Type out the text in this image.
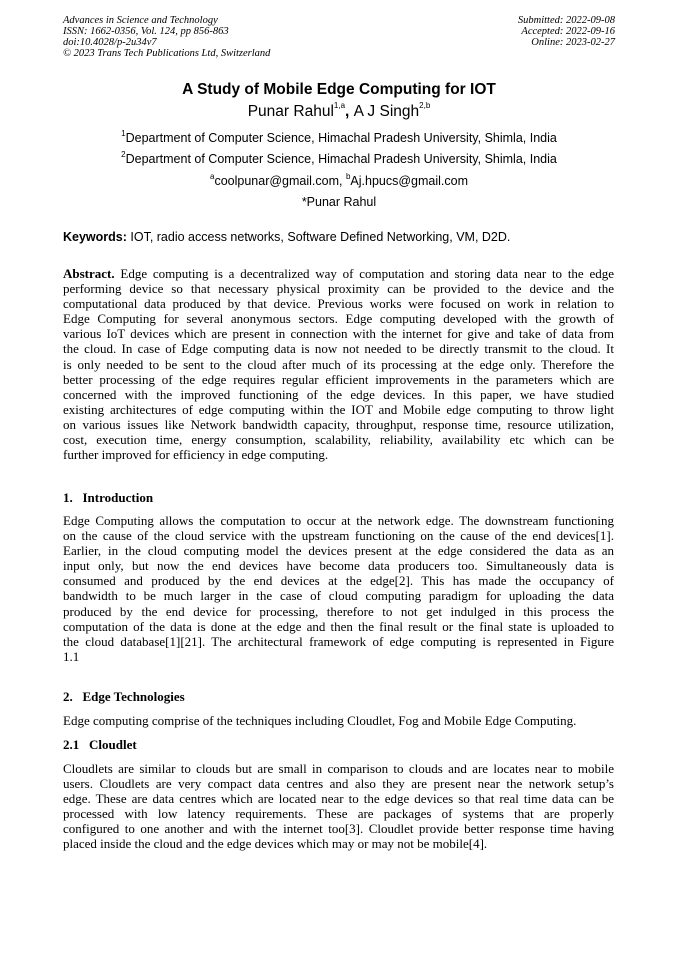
Advances in Science and Technology
ISSN: 1662-0356, Vol. 124, pp 856-863
doi:10.4028/p-2u34v7
© 2023 Trans Tech Publications Ltd, Switzerland
Submitted: 2022-09-08
Accepted: 2022-09-16
Online: 2023-02-27
A Study of Mobile Edge Computing for IOT
Punar Rahul$^{1,a}$, A J Singh$^{2,b}$
$^1$Department of Computer Science, Himachal Pradesh University, Shimla, India
$^2$Department of Computer Science, Himachal Pradesh University, Shimla, India
$^a$coolpunar@gmail.com, $^b$Aj.hpucs@gmail.com
*Punar Rahul
Keywords: IOT, radio access networks, Software Defined Networking, VM, D2D.
Abstract. Edge computing is a decentralized way of computation and storing data near to the edge
performing device so that necessary physical proximity can be provided to the device and the
computational data produced by that device. Previous works were focused on work in relation to
Edge Computing for several anonymous sectors. Edge computing developed with the growth of
various IoT devices which are present in connection with the internet for give and take of data from
the cloud. In case of Edge computing data is now not needed to be directly transmit to the cloud. It
is only needed to be sent to the cloud after much of its processing at the edge only. Therefore the
better processing of the edge requires regular efficient improvements in the parameters which are
concerned with the improved functioning of the edge devices. In this paper, we have studied
existing architectures of edge computing within the IOT and Mobile edge computing to throw light
on various issues like Network bandwidth capacity, throughput, response time, resource utilization,
cost, execution time, energy consumption, scalability, reliability, availability etc which can be
further improved for efficiency in edge computing.
1.   Introduction
Edge Computing allows the computation to occur at the network edge. The downstream functioning
on the cause of the cloud service with the upstream functioning on the cause of the end devices[1].
Earlier, in the cloud computing model the devices present at the edge considered the data as an
input only, but now the end devices have become data producers too. Simultaneously data is
consumed and produced by the end devices at the edge[2]. This has made the occupancy of
bandwidth to be much larger in the case of cloud computing paradigm for uploading the data
produced by the end device for processing, therefore to not get indulged in this process the
computation of the data is done at the edge and then the final result or the final state is uploaded to
the cloud database[1][21]. The architectural framework of edge computing is represented in Figure
1.1
2.   Edge Technologies
Edge computing comprise of the techniques including Cloudlet, Fog and Mobile Edge Computing.
2.1   Cloudlet
Cloudlets are similar to clouds but are small in comparison to clouds and are locates near to mobile
users. Cloudlets are very compact data centres and also they are present near the network setup’s
edge. These are data centres which are located near to the edge devices so that real time data can be
processed with low latency requirements. These are packages of systems that are properly
configured to one another and with the internet too[3]. Cloudlet provide better response time having
placed inside the cloud and the edge devices which may or may not be mobile[4].
